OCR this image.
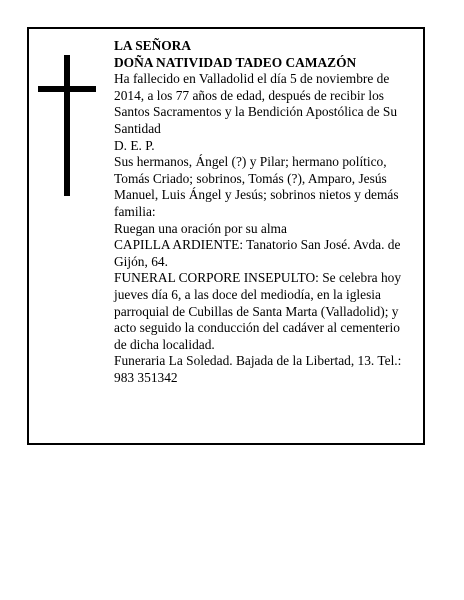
LA SEÑORA

DOÑA NATIVIDAD TADEO CAMAZÓN

Ha fallecido en Valladolid el día 5 de noviembre de 2014, a los 77 años de edad, después de recibir los Santos Sacramentos y la Bendición Apostólica de Su Santidad

D. E. P.

Sus hermanos, Ángel (?) y Pilar; hermano político, Tomás Criado; sobrinos, Tomás (?), Amparo, Jesús Manuel, Luis Ángel y Jesús; sobrinos nietos y demás familia:

Ruegan una oración por su alma

CAPILLA ARDIENTE: Tanatorio San José. Avda. de Gijón, 64.

FUNERAL CORPORE INSEPULTO: Se celebra hoy jueves día 6, a las doce del mediodía, en la iglesia parroquial de Cubillas de Santa Marta (Valladolid); y acto seguido la conducción del cadáver al cementerio de dicha localidad.

Funeraria La Soledad. Bajada de la Libertad, 13. Tel.: 983 351342
